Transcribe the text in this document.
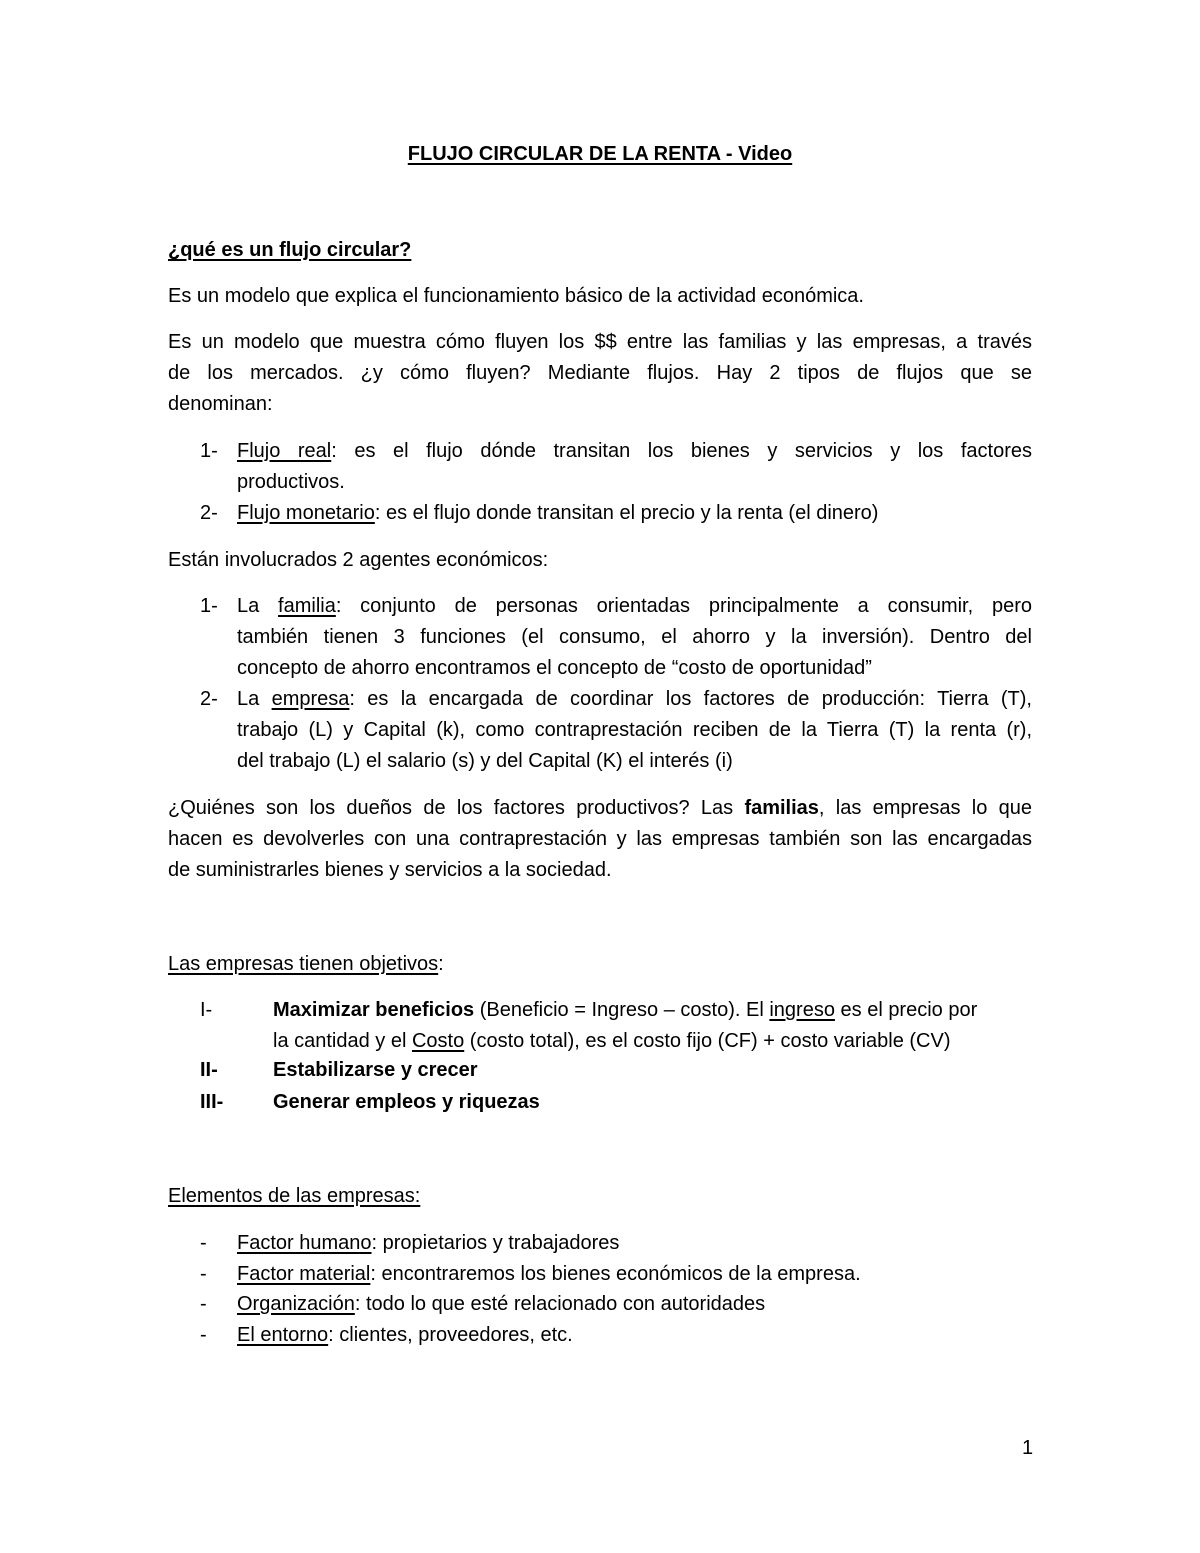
FLUJO CIRCULAR DE LA RENTA - Video
¿qué es un flujo circular?
Es un modelo que explica el funcionamiento básico de la actividad económica.
Es un modelo que muestra cómo fluyen los $$ entre las familias y las empresas, a través
de los mercados. ¿y cómo fluyen? Mediante flujos. Hay 2 tipos de flujos que se
denominan:
1- Flujo real: es el flujo dónde transitan los bienes y servicios y los factores
productivos.
2- Flujo monetario: es el flujo donde transitan el precio y la renta (el dinero)
Están involucrados 2 agentes económicos:
1- La familia: conjunto de personas orientadas principalmente a consumir, pero
también tienen 3 funciones (el consumo, el ahorro y la inversión). Dentro del
concepto de ahorro encontramos el concepto de “costo de oportunidad”
2- La empresa: es la encargada de coordinar los factores de producción: Tierra (T),
trabajo (L) y Capital (k), como contraprestación reciben de la Tierra (T) la renta (r),
del trabajo (L) el salario (s) y del Capital (K) el interés (i)
¿Quiénes son los dueños de los factores productivos? Las familias, las empresas lo que
hacen es devolverles con una contraprestación y las empresas también son las encargadas
de suministrarles bienes y servicios a la sociedad.
Las empresas tienen objetivos:
I-	Maximizar beneficios (Beneficio = Ingreso – costo). El ingreso es el precio por
la cantidad y el Costo (costo total), es el costo fijo (CF) + costo variable (CV)
II-	Estabilizarse y crecer
III- Generar empleos y riquezas
Elementos de las empresas:
- Factor humano: propietarios y trabajadores
- Factor material: encontraremos los bienes económicos de la empresa.
- Organización: todo lo que esté relacionado con autoridades
- El entorno: clientes, proveedores, etc.
1
